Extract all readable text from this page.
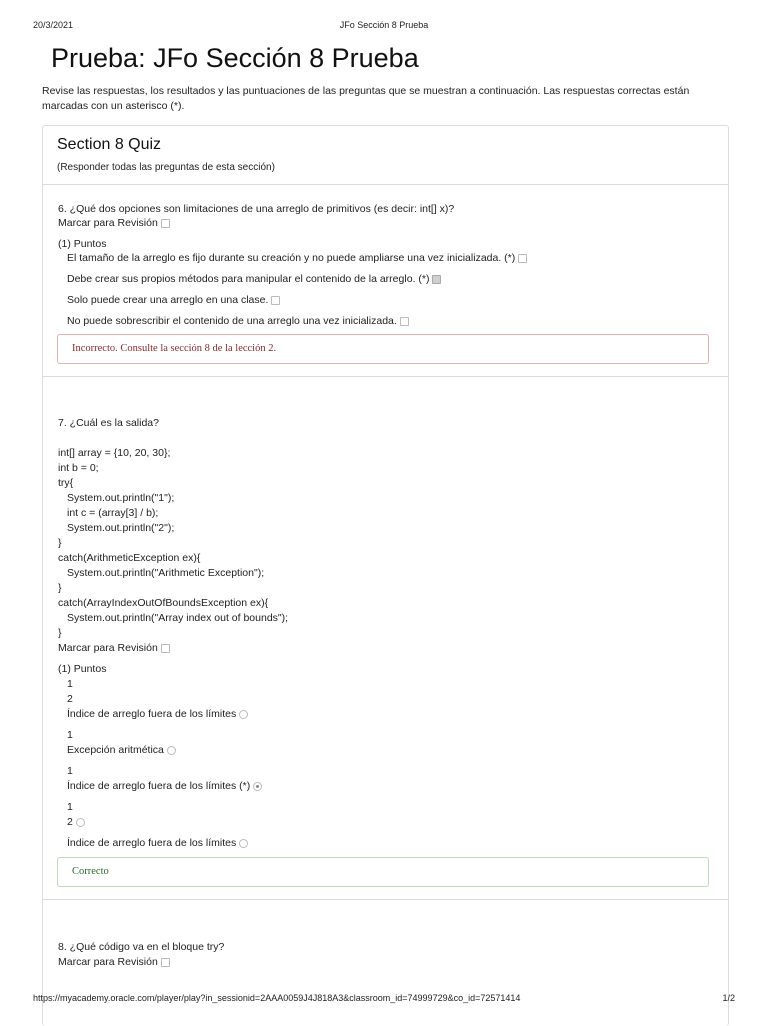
20/3/2021	JFo Sección 8 Prueba
Prueba: JFo Sección 8 Prueba

Revise las respuestas, los resultados y las puntuaciones de las preguntas que se muestran a continuación. Las respuestas correctas están marcadas con un asterisco (*).

Section 8 Quiz
(Responder todas las preguntas de esta sección)
6. ¿Qué dos opciones son limitaciones de una arreglo de primitivos (es decir: int[] x)?
Marcar para Revisión
(1) Puntos
El tamaño de la arreglo es fijo durante su creación y no puede ampliarse una vez inicializada. (*)
Debe crear sus propios métodos para manipular el contenido de la arreglo. (*)
Solo puede crear una arreglo en una clase.
No puede sobrescribir el contenido de una arreglo una vez inicializada.
Incorrecto. Consulte la sección 8 de la lección 2.
7. ¿Cuál es la salida?
int[] array = {10, 20, 30};
int b = 0;
try{
System.out.println("1");
int c = (array[3] / b);
System.out.println("2");
}
catch(ArithmeticException ex){
System.out.println("Arithmetic Exception");
}
catch(ArrayIndexOutOfBoundsException ex){
System.out.println("Array index out of bounds");
}
Marcar para Revisión
(1) Puntos
1
2
Índice de arreglo fuera de los límites
1
Excepción aritmética
1
Índice de arreglo fuera de los límites (*)
1
2
Índice de arreglo fuera de los límites
Correcto
8. ¿Qué código va en el bloque try?
Marcar para Revisión
https://myacademy.oracle.com/player/play?in_sessionid=2AAA0059J4J818A3&classroom_id=74999729&co_id=72571414	1/2
